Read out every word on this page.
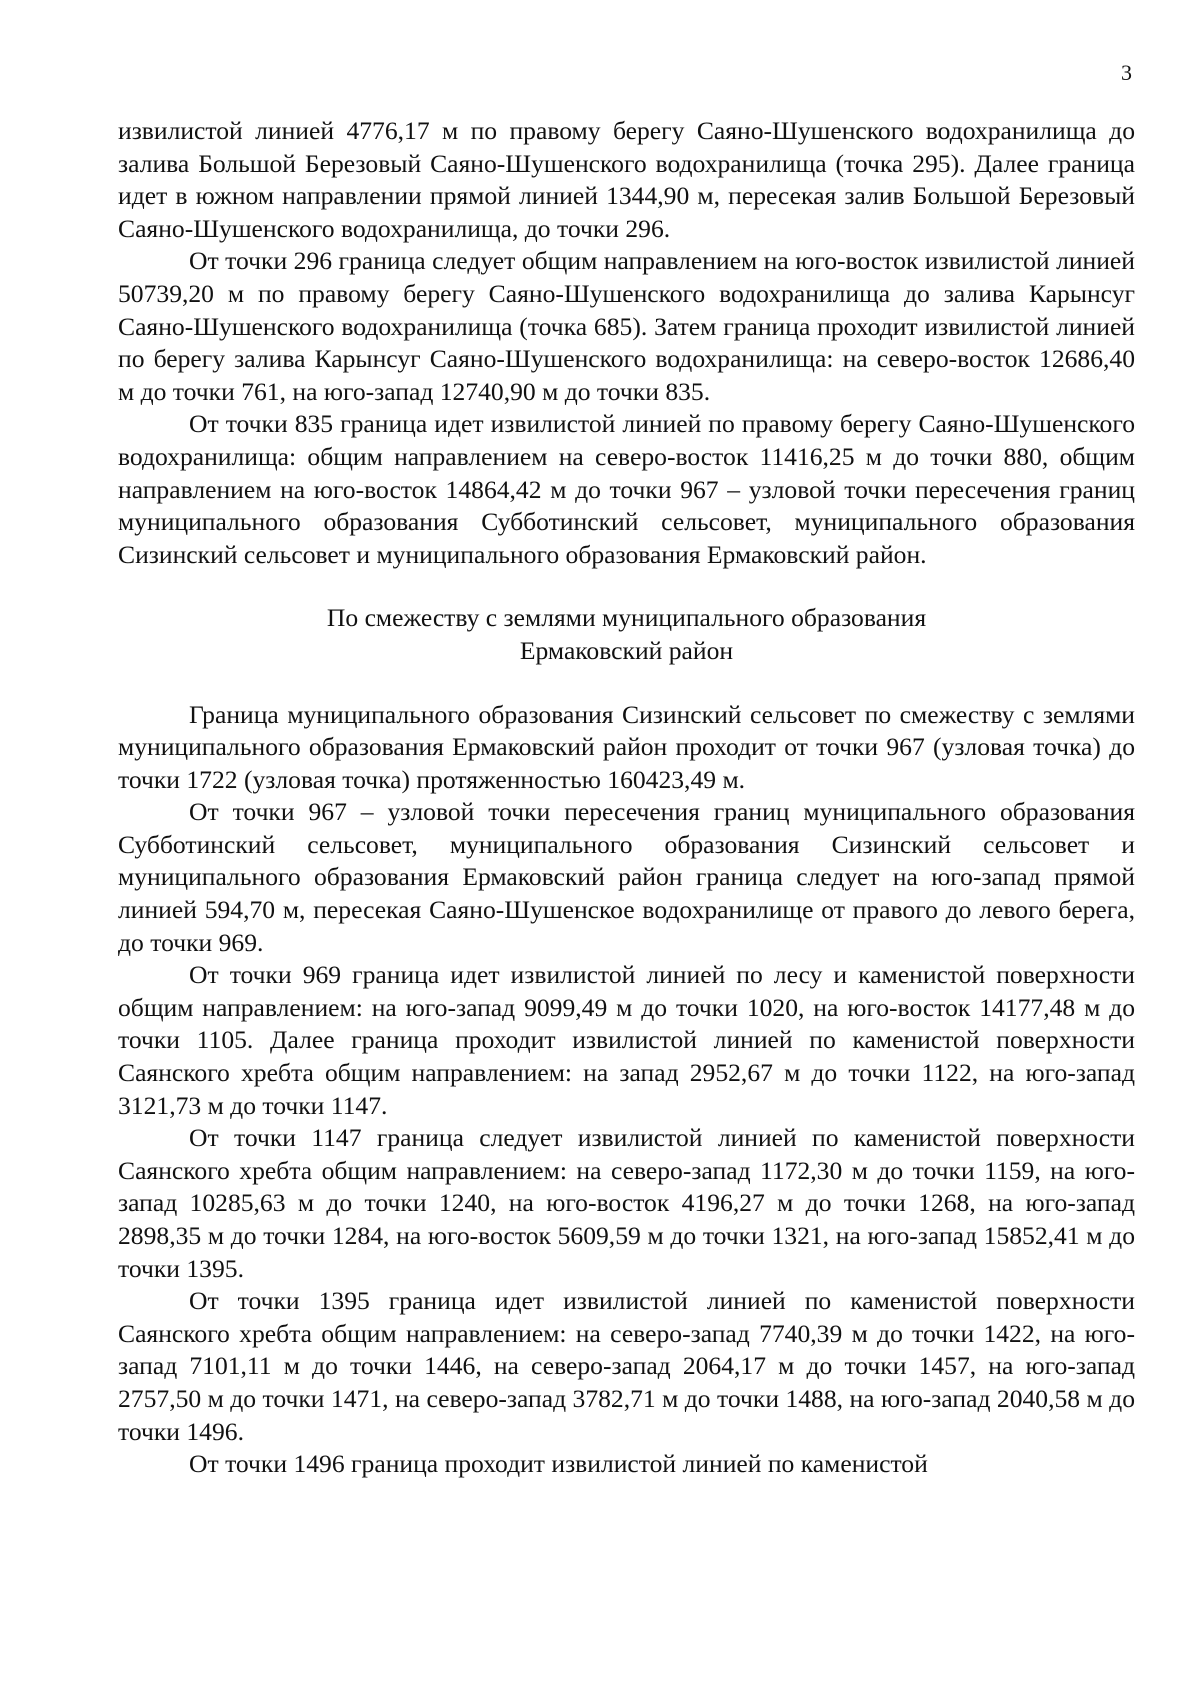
3

извилистой линией 4776,17 м по правому берегу Саяно-Шушенского водохранилища до залива Большой Березовый Саяно-Шушенского водохранилища (точка 295). Далее граница идет в южном направлении прямой линией 1344,90 м, пересекая залив Большой Березовый Саяно-Шушенского водохранилища, до точки 296.

От точки 296 граница следует общим направлением на юго-восток извилистой линией 50739,20 м по правому берегу Саяно-Шушенского водохранилища до залива Карынсуг Саяно-Шушенского водохранилища (точка 685). Затем граница проходит извилистой линией по берегу залива Карынсуг Саяно-Шушенского водохранилища: на северо-восток 12686,40 м до точки 761, на юго-запад 12740,90 м до точки 835.

От точки 835 граница идет извилистой линией по правому берегу Саяно-Шушенского водохранилища: общим направлением на северо-восток 11416,25 м до точки 880, общим направлением на юго-восток 14864,42 м до точки 967 – узловой точки пересечения границ муниципального образования Субботинский сельсовет, муниципального образования Сизинский сельсовет и муниципального образования Ермаковский район.

По смежеству с землями муниципального образования
Ермаковский район

Граница муниципального образования Сизинский сельсовет по смежеству с землями муниципального образования Ермаковский район проходит от точки 967 (узловая точка) до точки 1722 (узловая точка) протяженностью 160423,49 м.

От точки 967 – узловой точки пересечения границ муниципального образования Субботинский сельсовет, муниципального образования Сизинский сельсовет и муниципального образования Ермаковский район граница следует на юго-запад прямой линией 594,70 м, пересекая Саяно-Шушенское водохранилище от правого до левого берега, до точки 969.

От точки 969 граница идет извилистой линией по лесу и каменистой поверхности общим направлением: на юго-запад 9099,49 м до точки 1020, на юго-восток 14177,48 м до точки 1105. Далее граница проходит извилистой линией по каменистой поверхности Саянского хребта общим направлением: на запад 2952,67 м до точки 1122, на юго-запад 3121,73 м до точки 1147.

От точки 1147 граница следует извилистой линией по каменистой поверхности Саянского хребта общим направлением: на северо-запад 1172,30 м до точки 1159, на юго-запад 10285,63 м до точки 1240, на юго-восток 4196,27 м до точки 1268, на юго-запад 2898,35 м до точки 1284, на юго-восток 5609,59 м до точки 1321, на юго-запад 15852,41 м до точки 1395.

От точки 1395 граница идет извилистой линией по каменистой поверхности Саянского хребта общим направлением: на северо-запад 7740,39 м до точки 1422, на юго-запад 7101,11 м до точки 1446, на северо-запад 2064,17 м до точки 1457, на юго-запад 2757,50 м до точки 1471, на северо-запад 3782,71 м до точки 1488, на юго-запад 2040,58 м до точки 1496.

От точки 1496 граница проходит извилистой линией по каменистой
